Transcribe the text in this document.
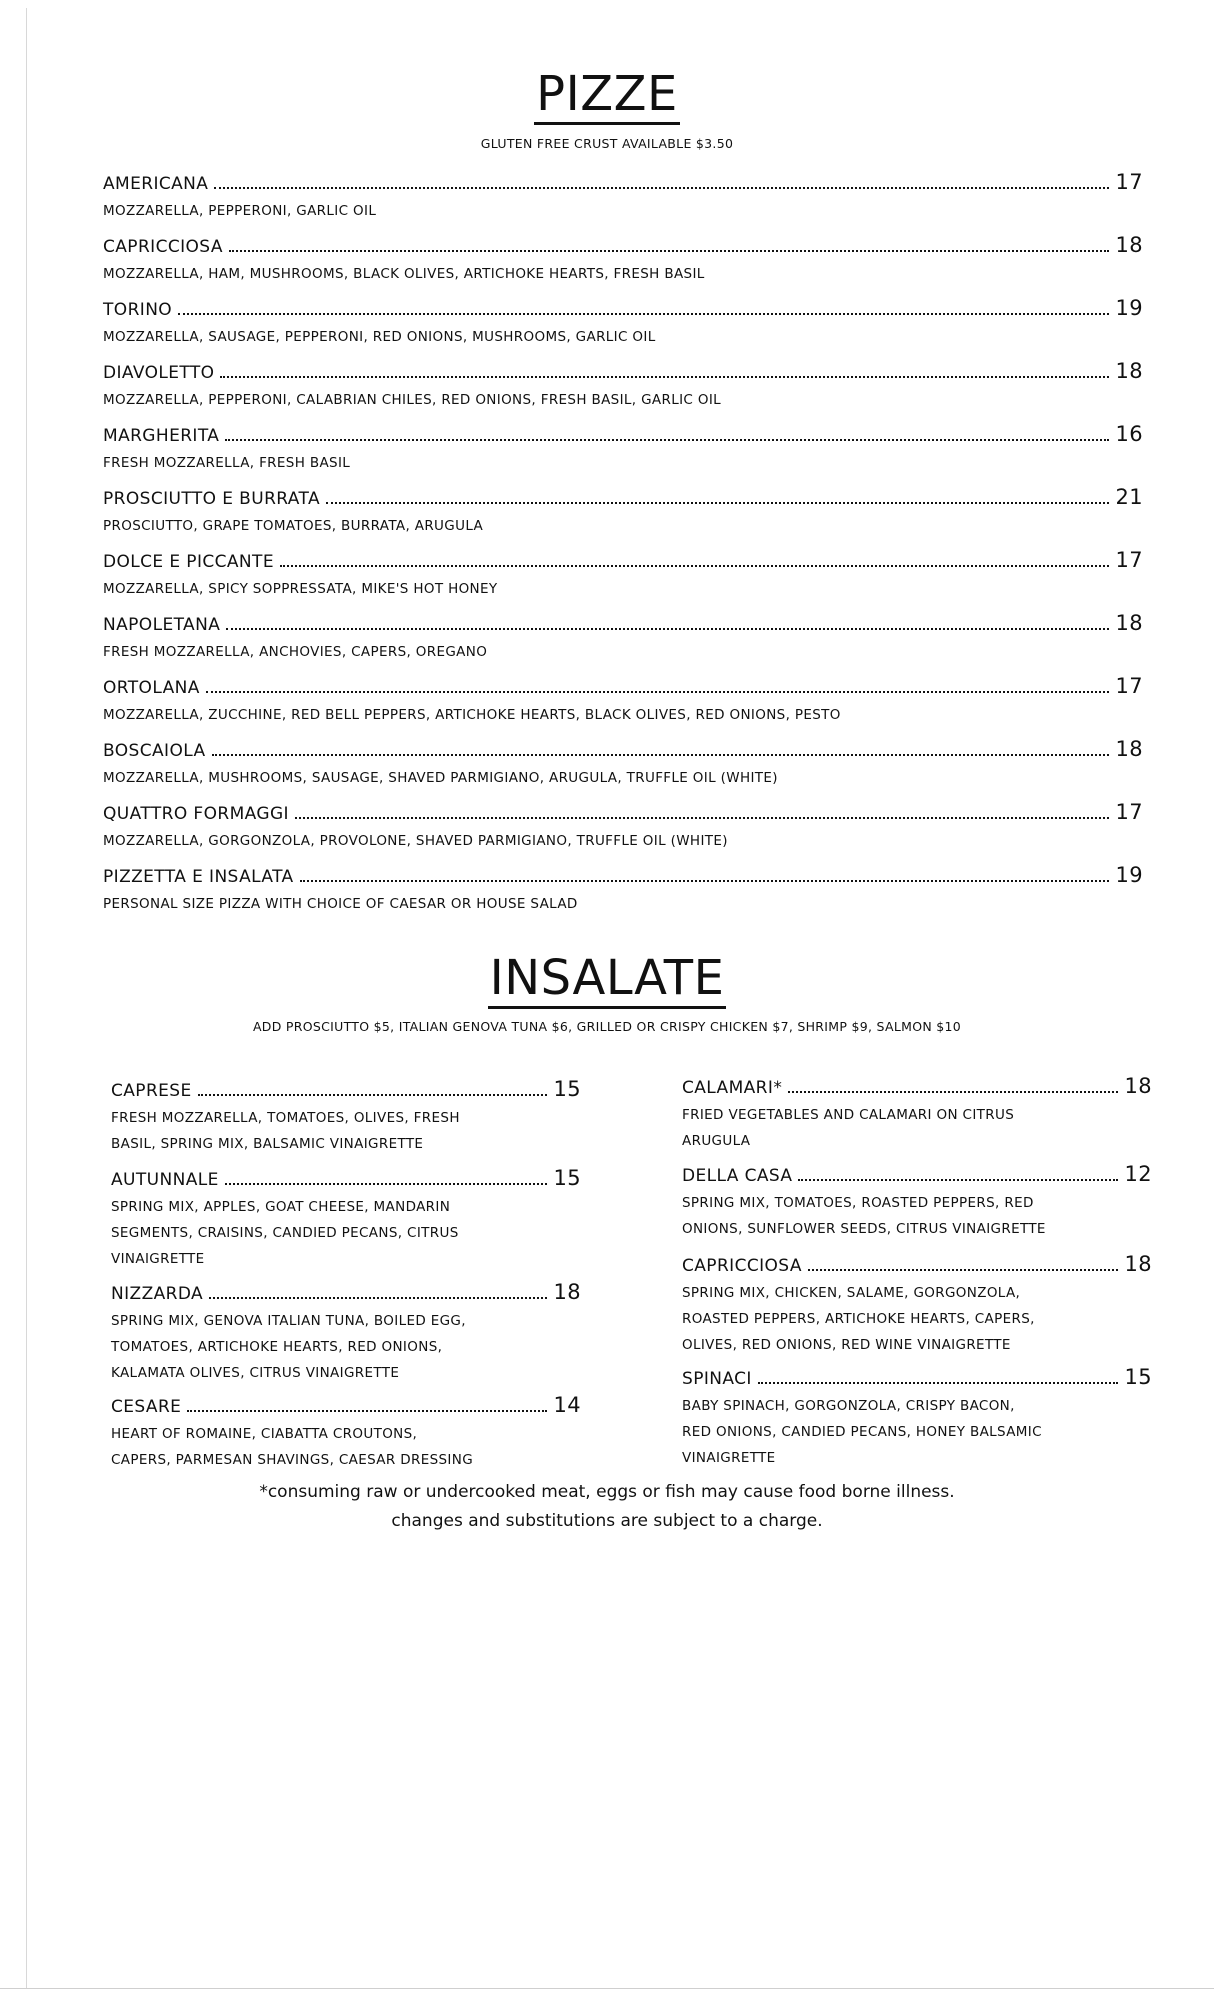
PIZZE
GLUTEN FREE CRUST AVAILABLE $3.50
AMERICANA	17
MOZZARELLA, PEPPERONI, GARLIC OIL
CAPRICCIOSA	18
MOZZARELLA, HAM, MUSHROOMS, BLACK OLIVES, ARTICHOKE HEARTS, FRESH BASIL
TORINO	19
MOZZARELLA, SAUSAGE, PEPPERONI, RED ONIONS, MUSHROOMS, GARLIC OIL
DIAVOLETTO	18
MOZZARELLA, PEPPERONI, CALABRIAN CHILES, RED ONIONS, FRESH BASIL, GARLIC OIL
MARGHERITA	16
FRESH MOZZARELLA, FRESH BASIL
PROSCIUTTO E BURRATA	21
PROSCIUTTO, GRAPE TOMATOES, BURRATA, ARUGULA
DOLCE E PICCANTE	17
MOZZARELLA, SPICY SOPPRESSATA, MIKE'S HOT HONEY
NAPOLETANA	18
FRESH MOZZARELLA, ANCHOVIES, CAPERS, OREGANO
ORTOLANA	17
MOZZARELLA, ZUCCHINE, RED BELL PEPPERS, ARTICHOKE HEARTS, BLACK OLIVES, RED ONIONS, PESTO
BOSCAIOLA	18
MOZZARELLA, MUSHROOMS, SAUSAGE, SHAVED PARMIGIANO, ARUGULA, TRUFFLE OIL (WHITE)
QUATTRO FORMAGGI	17
MOZZARELLA, GORGONZOLA, PROVOLONE, SHAVED PARMIGIANO, TRUFFLE OIL (WHITE)
PIZZETTA E INSALATA	19
PERSONAL SIZE PIZZA WITH CHOICE OF CAESAR OR HOUSE SALAD
INSALATE
ADD PROSCIUTTO $5, ITALIAN GENOVA TUNA $6, GRILLED OR CRISPY CHICKEN $7, SHRIMP $9, SALMON $10
CAPRESE	15
FRESH MOZZARELLA, TOMATOES, OLIVES, FRESH
BASIL, SPRING MIX, BALSAMIC VINAIGRETTE
AUTUNNALE	15
SPRING MIX, APPLES, GOAT CHEESE, MANDARIN
SEGMENTS, CRAISINS, CANDIED PECANS, CITRUS
VINAIGRETTE
NIZZARDA	18
SPRING MIX, GENOVA ITALIAN TUNA, BOILED EGG,
TOMATOES, ARTICHOKE HEARTS, RED ONIONS,
KALAMATA OLIVES, CITRUS VINAIGRETTE
CESARE	14
HEART OF ROMAINE, CIABATTA CROUTONS,
CAPERS, PARMESAN SHAVINGS, CAESAR DRESSING
CALAMARI*	18
FRIED VEGETABLES AND CALAMARI ON CITRUS
ARUGULA
DELLA CASA	12
SPRING MIX, TOMATOES, ROASTED PEPPERS, RED
ONIONS, SUNFLOWER SEEDS, CITRUS VINAIGRETTE
CAPRICCIOSA	18
SPRING MIX, CHICKEN, SALAME, GORGONZOLA,
ROASTED PEPPERS, ARTICHOKE HEARTS, CAPERS,
OLIVES, RED ONIONS, RED WINE VINAIGRETTE
SPINACI	15
BABY SPINACH, GORGONZOLA, CRISPY BACON,
RED ONIONS, CANDIED PECANS, HONEY BALSAMIC
VINAIGRETTE
*consuming raw or undercooked meat, eggs or fish may cause food borne illness.
changes and substitutions are subject to a charge.
